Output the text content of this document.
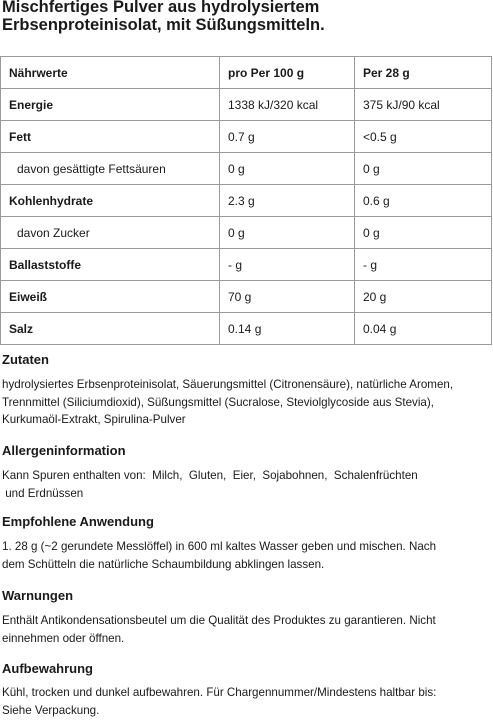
Mischfertiges Pulver aus hydrolysiertem
Erbsenproteinisolat, mit Süßungsmitteln.
Nährwerte	pro Per 100 g	Per 28 g
Energie	1338 kJ/320 kcal	375 kJ/90 kcal
Fett	0.7 g	<0.5 g
davon gesättigte Fettsäuren	0 g	0 g
Kohlenhydrate	2.3 g	0.6 g
davon Zucker	0 g	0 g
Ballaststoffe	- g	- g
Eiweiß	70 g	20 g
Salz	0.14 g	0.04 g
Zutaten

hydrolysiertes Erbsenproteinisolat, Säuerungsmittel (Citronensäure), natürliche Aromen,
Trennmittel (Siliciumdioxid), Süßungsmittel (Sucralose, Steviolglycoside aus Stevia),
Kurkumaöl-Extrakt, Spirulina-Pulver

Allergeninformation

Kann Spuren enthalten von:  Milch,  Gluten,  Eier,  Sojabohnen,  Schalenfrüchten
und Erdnüssen

Empfohlene Anwendung

1. 28 g (~2 gerundete Messlöffel) in 600 ml kaltes Wasser geben und mischen. Nach
dem Schütteln die natürliche Schaumbildung abklingen lassen.

Warnungen

Enthält Antikondensationsbeutel um die Qualität des Produktes zu garantieren. Nicht
einnehmen oder öffnen.

Aufbewahrung

Kühl, trocken und dunkel aufbewahren. Für Chargennummer/Mindestens haltbar bis:
Siehe Verpackung.
